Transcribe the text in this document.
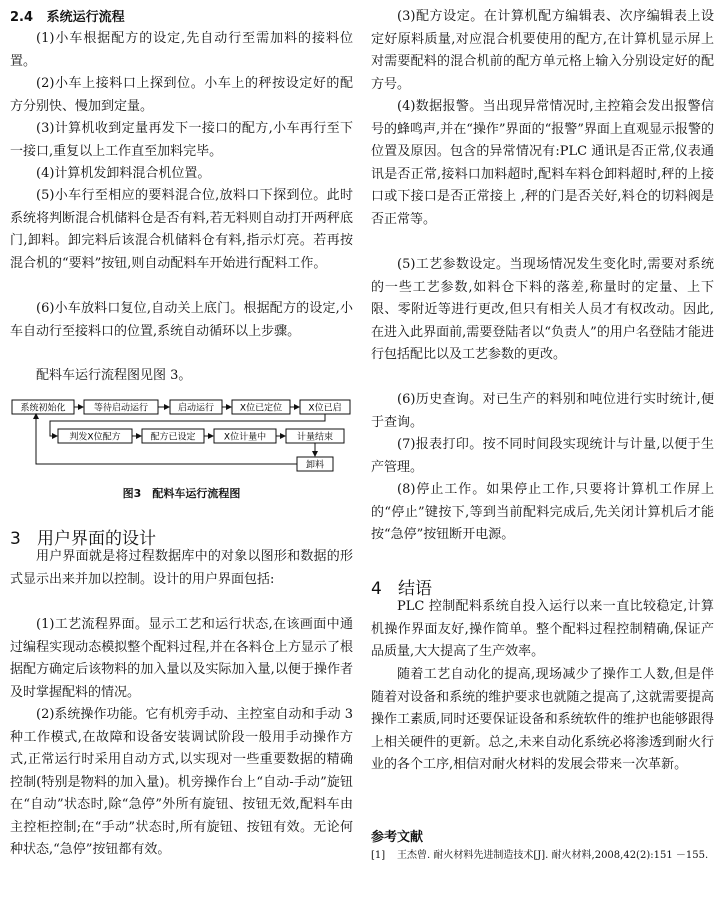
2.4 系统运行流程

(1)小车根据配方的设定,先自动行至需加料的接料位置。

(2)小车上接料口上探到位。小车上的秤按设定好的配方分别快、慢加到定量。

(3)计算机收到定量再发下一接口的配方,小车再行至下一接口,重复以上工作直至加料完毕。

(4)计算机发卸料混合机位置。

(5)小车行至相应的要料混合位,放料口下探到位。此时系统将判断混合机储料仓是否有料,若无料则自动打开两秤底门,卸料。卸完料后该混合机储料仓有料,指示灯亮。若再按混合机的“要料”按钮,则自动配料车开始进行配料工作。

(6)小车放料口复位,自动关上底门。根据配方的设定,小车自动行至接料口的位置,系统自动循环以上步骤。

配料车运行流程图见图 3。

系统初始化	等待启动运行	启动运行	X位已定位	X位已启
判发X位配方	配方已设定	X位计量中	计量结束
卸料
图3　配料车运行流程图
3 用户界面的设计

用户界面就是将过程数据库中的对象以图形和数据的形式显示出来并加以控制。设计的用户界面包括:

(1)工艺流程界面。显示工艺和运行状态,在该画面中通过编程实现动态模拟整个配料过程,并在各料仓上方显示了根据配方确定后该物料的加入量以及实际加入量,以便于操作者及时掌握配料的情况。

(2)系统操作功能。它有机旁手动、主控室自动和手动 3 种工作模式,在故障和设备安装调试阶段一般用手动操作方式,正常运行时采用自动方式,以实现对一些重要数据的精确控制(特别是物料的加入量)。机旁操作台上“自动-手动”旋钮在“自动”状态时,除“急停”外所有旋钮、按钮无效,配料车由主控柜控制;在“手动”状态时,所有旋钮、按钮有效。无论何种状态,“急停”按钮都有效。

(3)配方设定。在计算机配方编辑表、次序编辑表上设定好原料质量,对应混合机要使用的配方,在计算机显示屏上对需要配料的混合机前的配方单元格上输入分别设定好的配方号。

(4)数据报警。当出现异常情况时,主控箱会发出报警信号的蜂鸣声,并在“操作”界面的“报警”界面上直观显示报警的位置及原因。包含的异常情况有:PLC 通讯是否正常,仪表通讯是否正常,接料口加料超时,配料车料仓卸料超时,秤的上接口或下接口是否正常接上 ,秤的门是否关好,料仓的切料阀是否正常等。

(5)工艺参数设定。当现场情况发生变化时,需要对系统的一些工艺参数,如料仓下料的落差,称量时的定量、上下限、零附近等进行更改,但只有相关人员才有权改动。因此,在进入此界面前,需要登陆者以“负责人”的用户名登陆才能进行包括配比以及工艺参数的更改。

(6)历史查询。对已生产的料别和吨位进行实时统计,便于查询。

(7)报表打印。按不同时间段实现统计与计量,以便于生产管理。

(8)停止工作。如果停止工作,只要将计算机工作屏上的“停止”键按下,等到当前配料完成后,先关闭计算机后才能按“急停”按钮断开电源。

4 结语

PLC 控制配料系统自投入运行以来一直比较稳定,计算机操作界面友好,操作简单。整个配料过程控制精确,保证产品质量,大大提高了生产效率。

随着工艺自动化的提高,现场减少了操作工人数,但是伴随着对设备和系统的维护要求也就随之提高了,这就需要提高操作工素质,同时还要保证设备和系统软件的维护也能够跟得上相关硬件的更新。总之,未来自动化系统必将渗透到耐火行业的各个工序,相信对耐火材料的发展会带来一次革新。

参考文献
[1] 王杰曾. 耐火材料先进制造技术[J]. 耐火材料,2008,42(2):151 －155.
